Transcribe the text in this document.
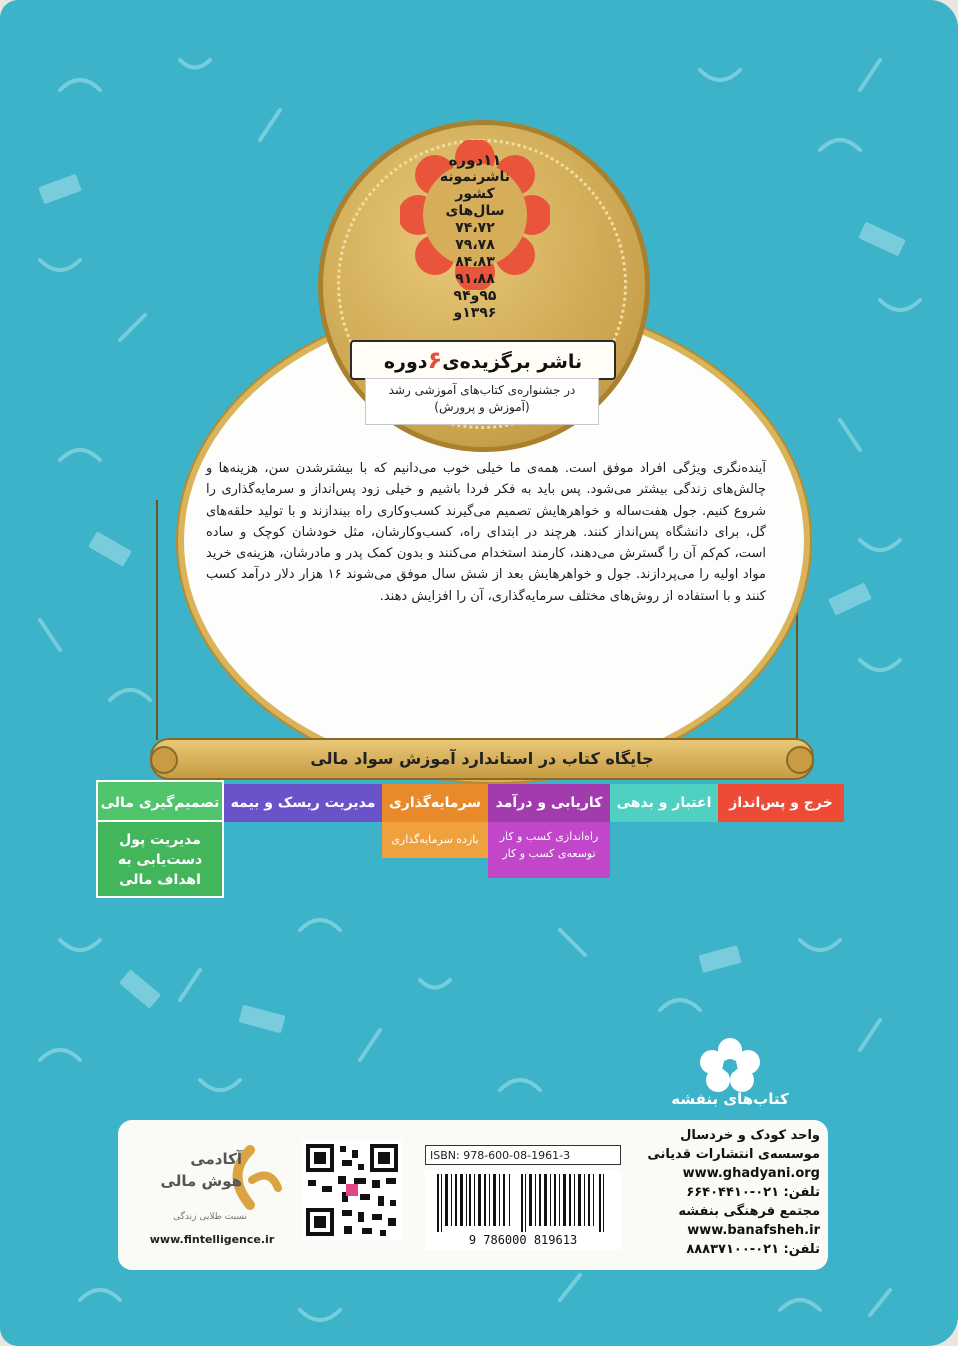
۱۱دوره
ناشرنمونه
کشور
سال‌های
۷۴،۷۲
۷۹،۷۸
۸۴،۸۳
۹۱،۸۸
۹۵و۹۴
۱۳۹۶و
ناشر برگزیده‌ی۶دوره
در جشنواره‌ی کتاب‌های آموزشی رشد
(آموزش و پرورش)
آینده‌نگری ویژگی افراد موفق است. همه‌ی ما خیلی خوب می‌دانیم که با بیشترشدن سن، هزینه‌ها و چالش‌های زندگی بیشتر می‌شود. پس باید به فکر فردا باشیم و خیلی زود پس‌انداز و سرمایه‌گذاری را شروع کنیم. جول هفت‌ساله و خواهرهایش تصمیم می‌گیرند کسب‌وکاری راه بیندازند و با تولید حلقه‌های گل، برای دانشگاه پس‌انداز کنند. هرچند در ابتدای راه، کسب‌وکارشان، مثل خودشان کوچک و ساده است، کم‌کم آن را گسترش می‌دهند، کارمند استخدام می‌کنند و بدون کمک پدر و مادرشان، هزینه‌ی خرید مواد اولیه را می‌پردازند. جول و خواهرهایش بعد از شش سال موفق می‌شوند ۱۶ هزار دلار درآمد کسب کنند و با استفاده از روش‌های مختلف سرمایه‌گذاری، آن را افزایش دهند.
جایگاه کتاب در استاندارد آموزش سواد مالی
خرج و پس‌انداز
اعتبار و بدهی
کاریابی و درآمد
راه‌اندازی کسب و کار
توسعه‌ی کسب و کار
سرمایه‌گذاری
بازده سرمایه‌گذاری
مدیریت ریسک و بیمه
تصمیم‌گیری مالی
مدیریت پول
دست‌یابی به
اهداف مالی
کتاب‌های بنفشه
واحد کودک و خردسال
موسسه‌ی انتشارات قدیانی
www.ghadyani.org
تلفن: ۰۲۱-۶۶۴۰۴۴۱۰
مجتمع فرهنگی بنفشه
www.banafsheh.ir
تلفن: ۰۲۱-۸۸۸۳۷۱۰۰
ISBN: 978-600-08-1961-3
9 786000 819613
آکادمی
هوش مالی
نسبت طلایی زندگی
www.fintelligence.ir
